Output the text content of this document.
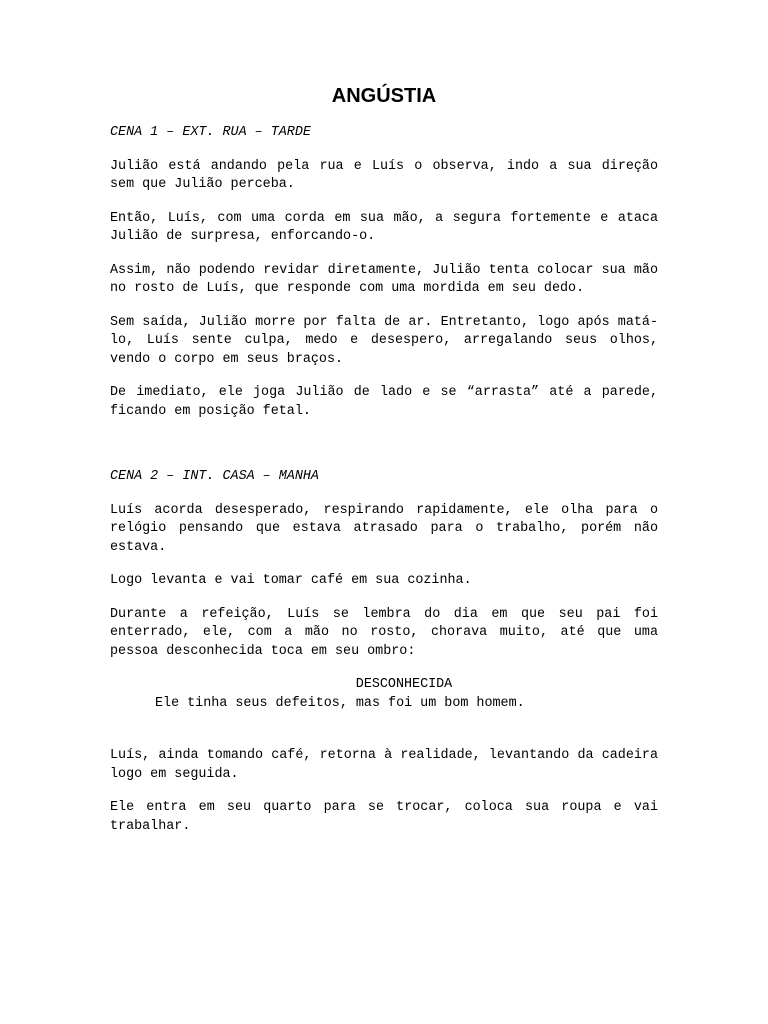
ANGÚSTIA

CENA 1 – EXT. RUA – TARDE

Julião está andando pela rua e Luís o observa, indo a sua direção sem que Julião perceba.

Então, Luís, com uma corda em sua mão, a segura fortemente e ataca Julião de surpresa, enforcando-o.

Assim, não podendo revidar diretamente, Julião tenta colocar sua mão no rosto de Luís, que responde com uma mordida em seu dedo.

Sem saída, Julião morre por falta de ar. Entretanto, logo após matá-lo, Luís sente culpa, medo e desespero, arregalando seus olhos, vendo o corpo em seus braços.

De imediato, ele joga Julião de lado e se “arrasta” até a parede, ficando em posição fetal.

CENA 2 – INT. CASA – MANHA

Luís acorda desesperado, respirando rapidamente, ele olha para o relógio pensando que estava atrasado para o trabalho, porém não estava.

Logo levanta e vai tomar café em sua cozinha.

Durante a refeição, Luís se lembra do dia em que seu pai foi enterrado, ele, com a mão no rosto, chorava muito, até que uma pessoa desconhecida toca em seu ombro:

DESCONHECIDA

Ele tinha seus defeitos, mas foi um bom homem.

Luís, ainda tomando café, retorna à realidade, levantando da cadeira logo em seguida.

Ele entra em seu quarto para se trocar, coloca sua roupa e vai trabalhar.
